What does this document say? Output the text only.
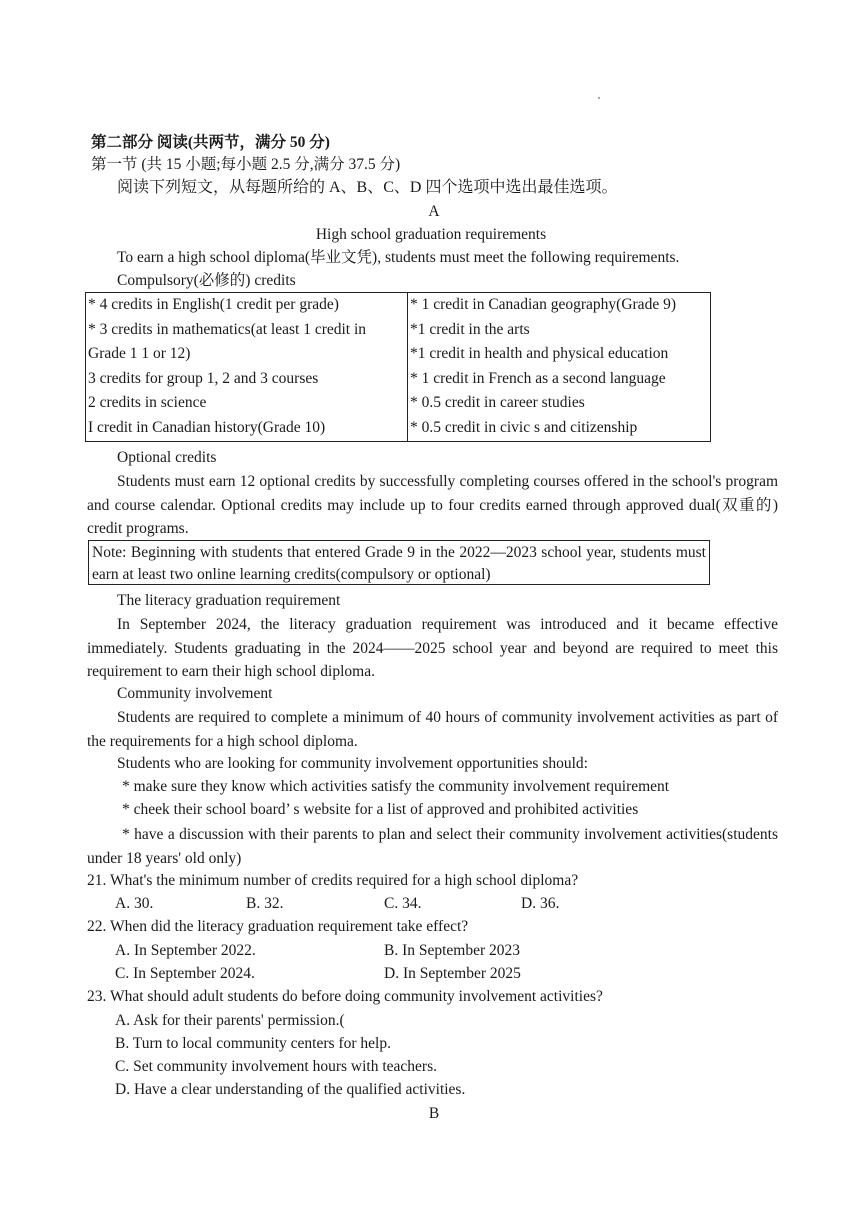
第二部分 阅读(共两节，满分 50 分)
第一节 (共 15 小题;每小题 2.5 分,满分 37.5 分)
阅读下列短文，从每题所给的 A、B、C、D 四个选项中选出最佳选项。
A
High school graduation requirements
To earn a high school diploma(毕业文凭), students must meet the following requirements.
Compulsory(必修的) credits
* 4 credits in English(1 credit per grade)	* 1 credit in Canadian geography(Grade 9)
* 3 credits in mathematics(at least 1 credit in	*1 credit in the arts
Grade 1 1 or 12)	*1 credit in health and physical education
3 credits for group 1, 2 and 3 courses	* 1 credit in French as a second language
2 credits in science	* 0.5 credit in career studies
I credit in Canadian history(Grade 10)	* 0.5 credit in civic s and citizenship
Optional credits
Students must earn 12 optional credits by successfully completing courses offered in the school's program and course calendar. Optional credits may include up to four credits earned through approved dual(双重的) credit programs.
Note: Beginning with students that entered Grade 9 in the 2022—2023 school year, students must earn at least two online learning credits(compulsory or optional)
The literacy graduation requirement
In September 2024, the literacy graduation requirement was introduced and it became effective immediately. Students graduating in the 2024——2025 school year and beyond are required to meet this requirement to earn their high school diploma.
Community involvement
Students are required to complete a minimum of 40 hours of community involvement activities as part of the requirements for a high school diploma.
Students who are looking for community involvement opportunities should:
* make sure they know which activities satisfy the community involvement requirement
* cheek their school board’ s website for a list of approved and prohibited activities
* have a discussion with their parents to plan and select their community involvement activities(students under 18 years' old only)
21. What's the minimum number of credits required for a high school diploma?
A. 30.	B. 32.	C. 34.	D. 36.
22. When did the literacy graduation requirement take effect?
A. In September 2022.	B. In September 2023
C. In September 2024.	D. In September 2025
23. What should adult students do before doing community involvement activities?
A. Ask for their parents' permission.(
B. Turn to local community centers for help.
C. Set community involvement hours with teachers.
D. Have a clear understanding of the qualified activities.
B
